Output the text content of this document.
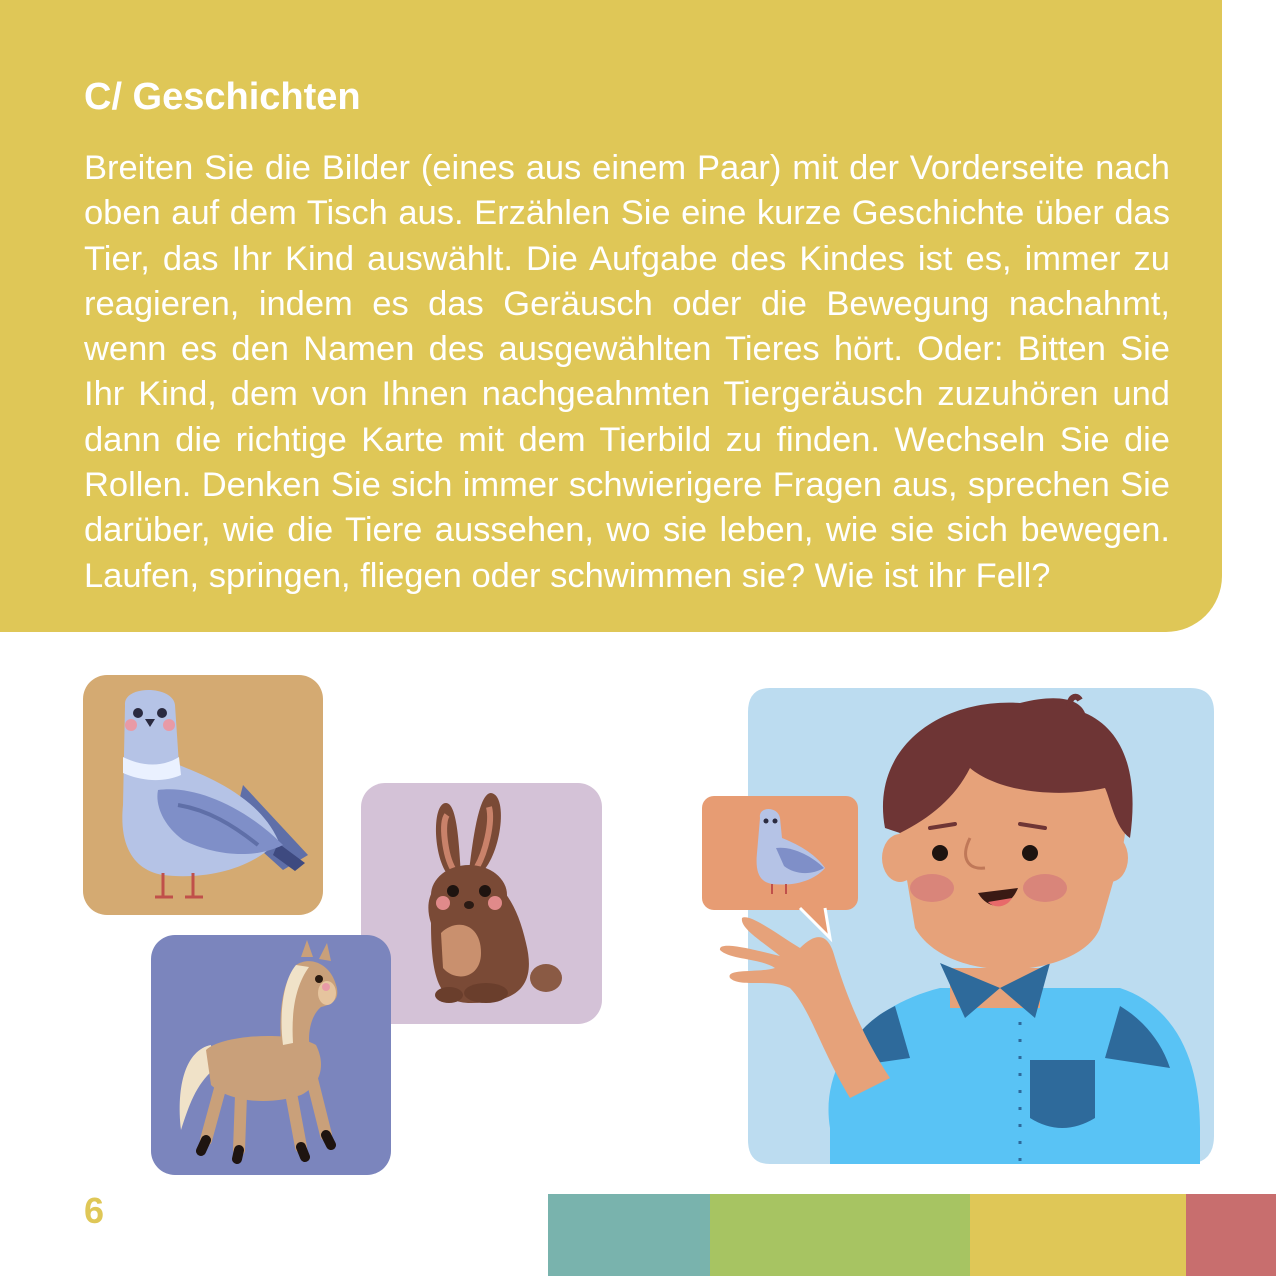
C/ Geschichten

Breiten Sie die Bilder (eines aus einem Paar) mit der Vorderseite nach oben auf dem Tisch aus. Erzählen Sie eine kurze Geschichte über das Tier, das Ihr Kind auswählt. Die Aufgabe des Kindes ist es, immer zu reagieren, indem es das Geräusch oder die Bewegung nachahmt, wenn es den Namen des ausgewählten Tieres hört. Oder: Bitten Sie Ihr Kind, dem von Ihnen nachgeahmten Tiergeräusch zuzuhören und dann die richtige Karte mit dem Tierbild zu finden. Wechseln Sie die Rollen. Denken Sie sich immer schwierigere Fragen aus, sprechen Sie darüber, wie die Tiere aussehen, wo sie leben, wie sie sich bewegen. Laufen, springen, fliegen oder schwimmen sie? Wie ist ihr Fell?

6
